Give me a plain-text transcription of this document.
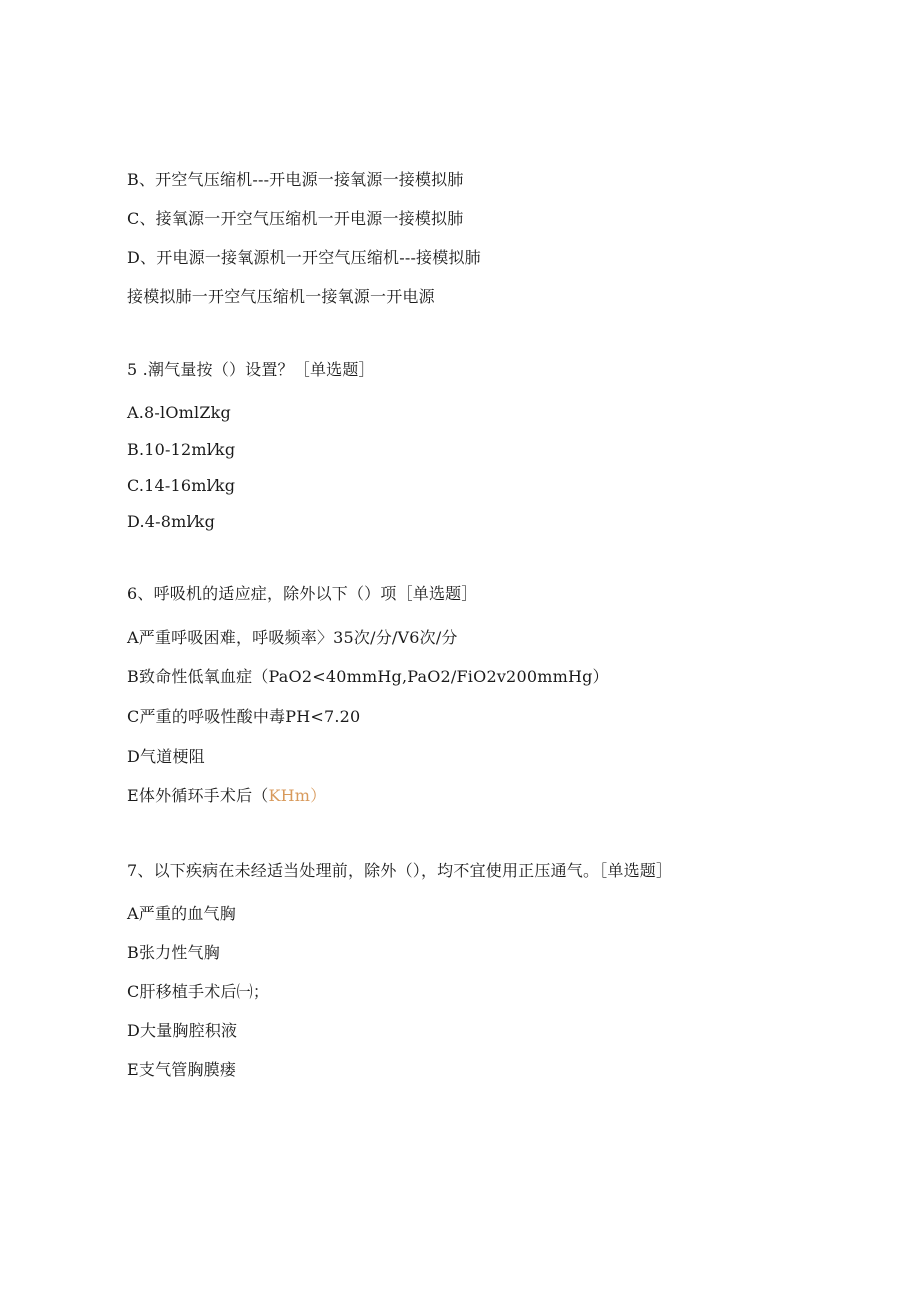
B、开空气压缩机---开电源一接氧源一接模拟肺
C、接氧源一开空气压缩机一开电源一接模拟肺
D、开电源一接氧源机一开空气压缩机---接模拟肺
接模拟肺一开空气压缩机一接氧源一开电源
5 .潮气量按（）设置？［单选题］
A.8-lOmlZkg
B.10-12ml⁄kg
C.14-16ml⁄kg
D.4-8ml⁄kg
6、呼吸机的适应症，除外以下（）项［单选题］
A严重呼吸困难，呼吸频率〉35次/分/V6次/分
B致命性低氧血症（PaO2<40mmHg,PaO2/FiO2v200mmHg）
C严重的呼吸性酸中毒PH<7.20
D气道梗阻
E体外循环手术后（KHm）
7、以下疾病在未经适当处理前，除外（），均不宜使用正压通气。［单选题］
A严重的血气胸
B张力性气胸
C肝移植手术后㈠；
D大量胸腔积液
E支气管胸膜瘘
